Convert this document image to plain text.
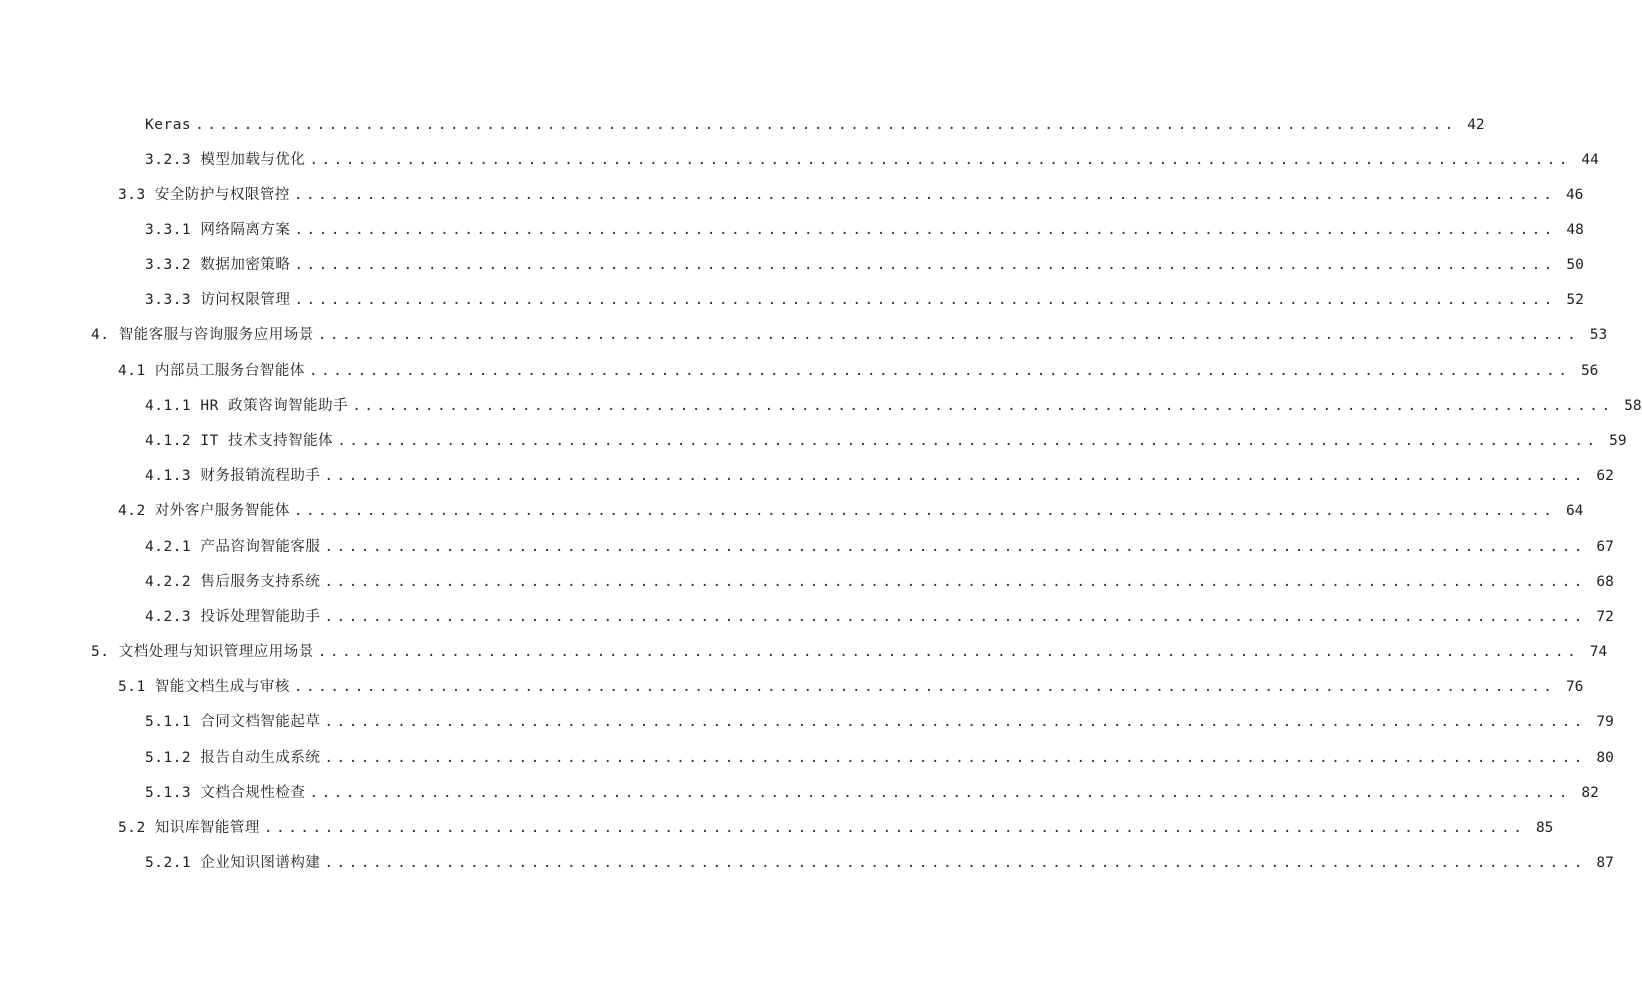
Keras ........................................................................................................ 42
3.2.3 模型加载与优化 ........................................................................................................ 44
3.3 安全防护与权限管控 ........................................................................................................ 46
3.3.1 网络隔离方案 ........................................................................................................ 48
3.3.2 数据加密策略 ........................................................................................................ 50
3.3.3 访问权限管理 ........................................................................................................ 52
4. 智能客服与咨询服务应用场景 ........................................................................................................ 53
4.1 内部员工服务台智能体 ........................................................................................................ 56
4.1.1 HR 政策咨询智能助手 ........................................................................................................ 58
4.1.2 IT 技术支持智能体 ........................................................................................................ 59
4.1.3 财务报销流程助手 ........................................................................................................ 62
4.2 对外客户服务智能体 ........................................................................................................ 64
4.2.1 产品咨询智能客服 ........................................................................................................ 67
4.2.2 售后服务支持系统 ........................................................................................................ 68
4.2.3 投诉处理智能助手 ........................................................................................................ 72
5. 文档处理与知识管理应用场景 ........................................................................................................ 74
5.1 智能文档生成与审核 ........................................................................................................ 76
5.1.1 合同文档智能起草 ........................................................................................................ 79
5.1.2 报告自动生成系统 ........................................................................................................ 80
5.1.3 文档合规性检查 ........................................................................................................ 82
5.2 知识库智能管理 ........................................................................................................ 85
5.2.1 企业知识图谱构建 ........................................................................................................ 87
